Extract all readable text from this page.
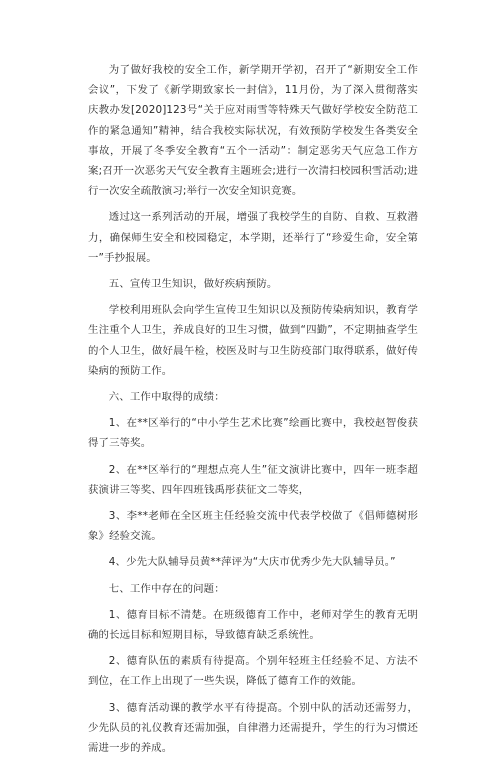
为了做好我校的安全工作，新学期开学初，召开了“新期安全工作会议”，下发了《新学期致家长一封信》，11月份，为了深入贯彻落实庆教办发[2020]123号“关于应对雨雪等特殊天气做好学校安全防范工作的紧急通知”精神，结合我校实际状况，有效预防学校发生各类安全事故，开展了冬季安全教育“五个一活动”：制定恶劣天气应急工作方案;召开一次恶劣天气安全教育主题班会;进行一次清扫校园积雪活动;进行一次安全疏散演习;举行一次安全知识竞赛。

透过这一系列活动的开展，增强了我校学生的自防、自救、互救潜力，确保师生安全和校园稳定，本学期，还举行了“珍爱生命，安全第一”手抄报展。

五、宣传卫生知识，做好疾病预防。

学校利用班队会向学生宣传卫生知识以及预防传染病知识，教育学生注重个人卫生，养成良好的卫生习惯，做到“四勤”，不定期抽查学生的个人卫生，做好晨午检，校医及时与卫生防疫部门取得联系，做好传染病的预防工作。

六、工作中取得的成绩：

1、在**区举行的“中小学生艺术比赛”绘画比赛中，我校赵智俊获得了三等奖。

2、在**区举行的“理想点亮人生”征文演讲比赛中，四年一班李超获演讲三等奖、四年四班钱禹彤获征文二等奖，

3、李**老师在全区班主任经验交流中代表学校做了《倡师德树形象》经验交流。

4、少先大队辅导员黄**萍评为“大庆市优秀少先大队辅导员。”

七、工作中存在的问题：

1、德育目标不清楚。在班级德育工作中，老师对学生的教育无明确的长远目标和短期目标，导致德育缺乏系统性。

2、德育队伍的素质有待提高。个别年轻班主任经验不足、方法不到位，在工作上出现了一些失误，降低了德育工作的效能。

3、德育活动课的教学水平有待提高。个别中队的活动还需努力，少先队员的礼仪教育还需加强，自律潜力还需提升，学生的行为习惯还需进一步的养成。
